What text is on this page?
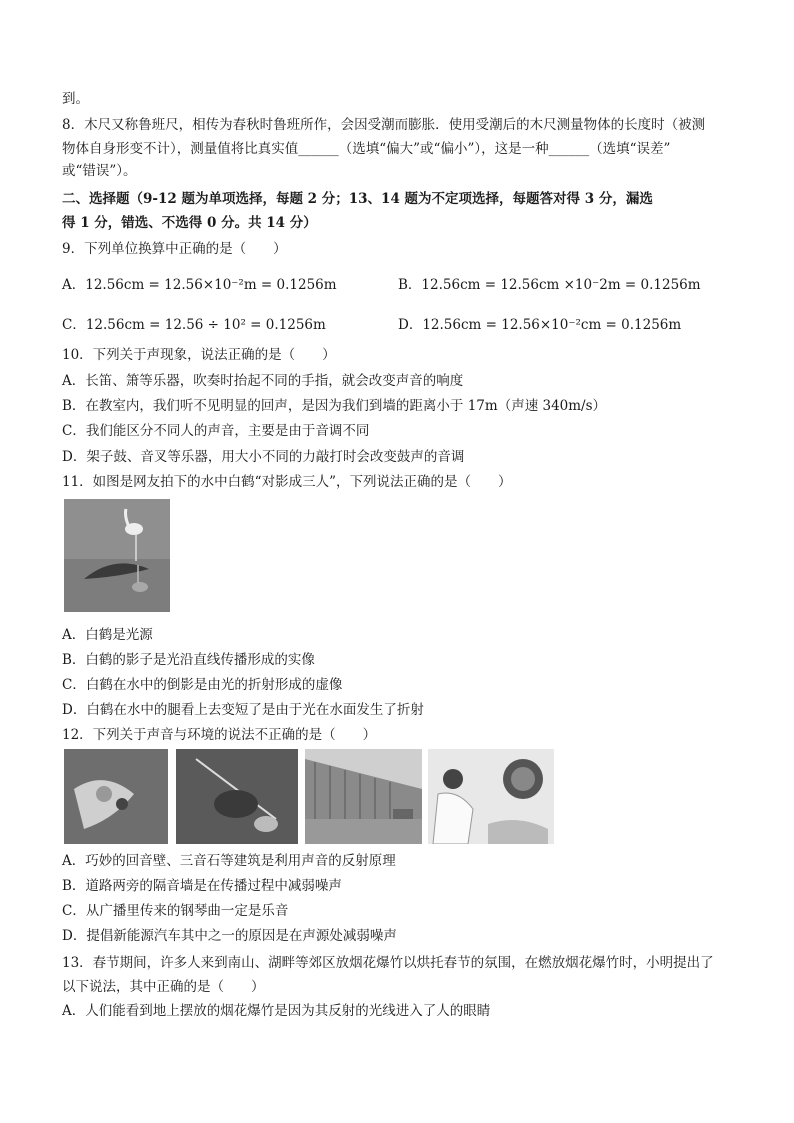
到。
8．木尺又称鲁班尺，相传为春秋时鲁班所作，会因受潮而膨胀．使用受潮后的木尺测量物体的长度时（被测
物体自身形变不计），测量值将比真实值______（选填“偏大”或“偏小”），这是一种______（选填“误差”
或“错误”）。
二、选择题（9-12 题为单项选择，每题 2 分；13、14 题为不定项选择，每题答对得 3 分，漏选
得 1 分，错选、不选得 0 分。共 14 分）
9．下列单位换算中正确的是（　　）
A．12.56cm = 12.56×10⁻²m = 0.1256m	B．12.56cm = 12.56cm ×10⁻2m = 0.1256m
C．12.56cm = 12.56 ÷ 10² = 0.1256m	D．12.56cm = 12.56×10⁻²cm = 0.1256m
10．下列关于声现象，说法正确的是（　　）
A．长笛、箫等乐器，吹奏时抬起不同的手指，就会改变声音的响度
B．在教室内，我们听不见明显的回声，是因为我们到墙的距离小于 17m（声速 340m/s）
C．我们能区分不同人的声音，主要是由于音调不同
D．架子鼓、音叉等乐器，用大小不同的力敲打时会改变鼓声的音调
11．如图是网友拍下的水中白鹤“对影成三人”，下列说法正确的是（　　）
A．白鹤是光源
B．白鹤的影子是光沿直线传播形成的实像
C．白鹤在水中的倒影是由光的折射形成的虚像
D．白鹤在水中的腿看上去变短了是由于光在水面发生了折射
12．下列关于声音与环境的说法不正确的是（　　）
A．巧妙的回音壁、三音石等建筑是利用声音的反射原理
B．道路两旁的隔音墙是在传播过程中减弱噪声
C．从广播里传来的钢琴曲一定是乐音
D．提倡新能源汽车其中之一的原因是在声源处减弱噪声
13．春节期间，许多人来到南山、湖畔等郊区放烟花爆竹以烘托春节的氛围，在燃放烟花爆竹时，小明提出了
以下说法，其中正确的是（　　）
A．人们能看到地上摆放的烟花爆竹是因为其反射的光线进入了人的眼睛
